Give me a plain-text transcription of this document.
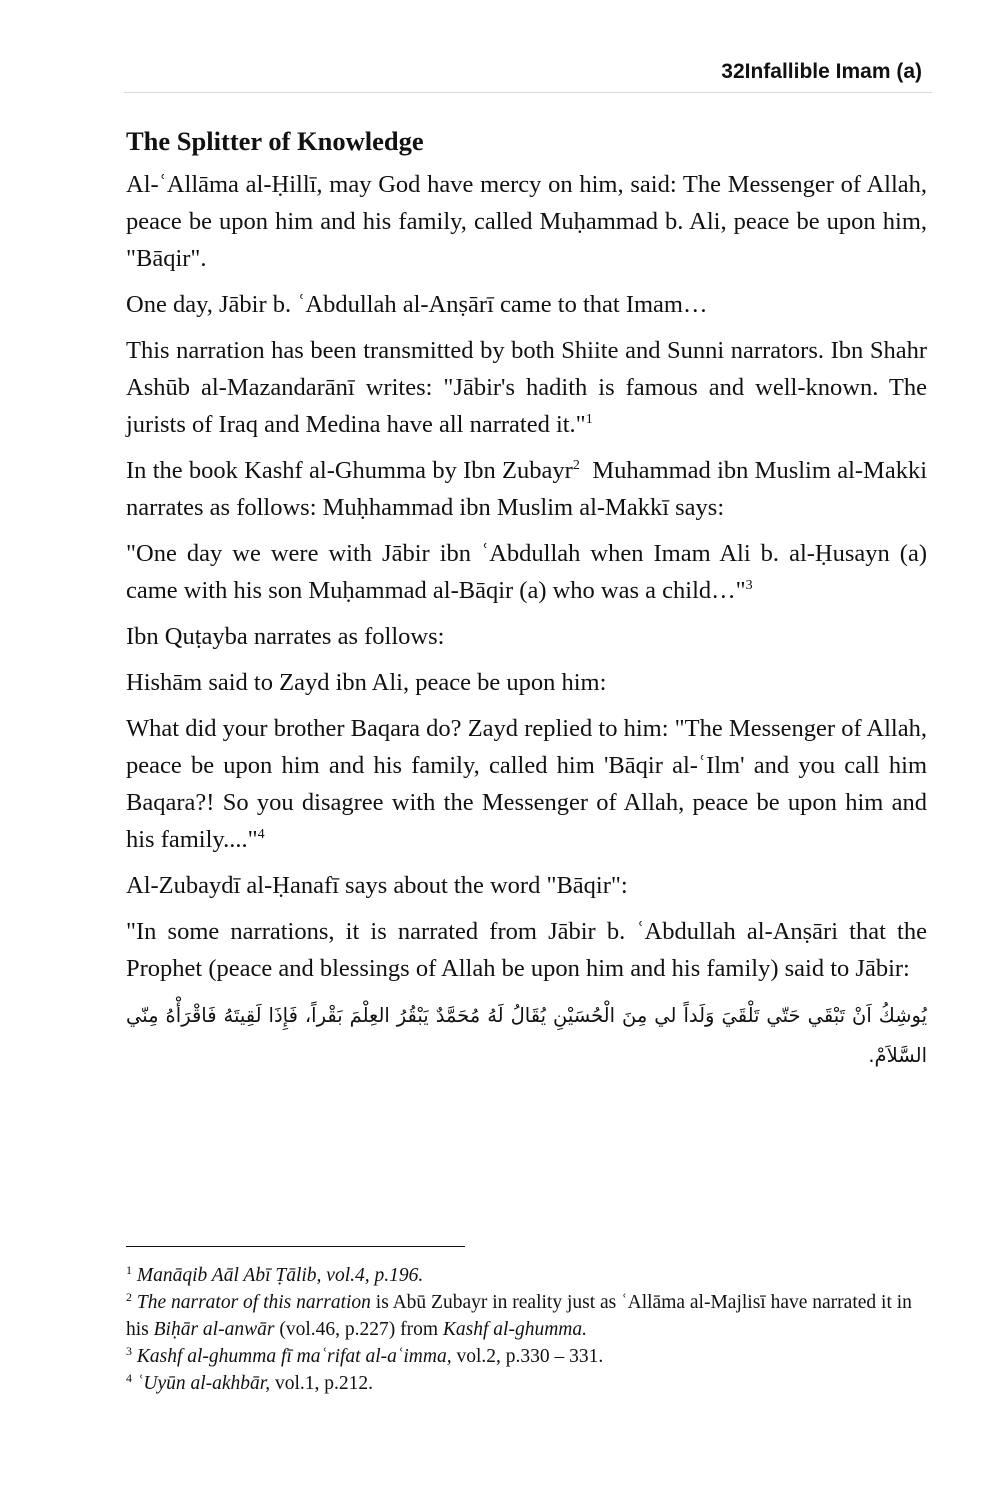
32Infallible Imam (a)
The Splitter of Knowledge

Al-ʿAllāma al-Ḥillī, may God have mercy on him, said: The Messenger of Allah, peace be upon him and his family, called Muḥammad b. Ali, peace be upon him, "Bāqir".

One day, Jābir b. ʿAbdullah al-Anṣārī came to that Imam…

This narration has been transmitted by both Shiite and Sunni narrators. Ibn Shahr Ashūb al-Mazandarānī writes: "Jābir's hadith is famous and well-known. The jurists of Iraq and Medina have all narrated it."$^1$

In the book Kashf al-Ghumma by Ibn Zubayr$^2$ Muhammad ibn Muslim al-Makki narrates as follows: Muḥhammad ibn Muslim al-Makkī says:

"One day we were with Jābir ibn ʿAbdullah when Imam Ali b. al-Ḥusayn (a) came with his son Muḥammad al-Bāqir (a) who was a child…"$^3$

Ibn Quṭayba narrates as follows:

Hishām said to Zayd ibn Ali, peace be upon him:

What did your brother Baqara do? Zayd replied to him: "The Messenger of Allah, peace be upon him and his family, called him 'Bāqir al-ʿIlm' and you call him Baqara?! So you disagree with the Messenger of Allah, peace be upon him and his family...."$^4$

Al-Zubaydī al-Ḥanafī says about the word "Bāqir":

"In some narrations, it is narrated from Jābir b. ʿAbdullah al-Anṣāri that the Prophet (peace and blessings of Allah be upon him and his family) said to Jābir:

يُوشِكُ اَنْ تَبْقَي حَتّي تَلْقَيَ وَلَداً لي مِنَ الْحُسَيْنِ يُقَالُ لَهُ مُحَمَّدٌ يَبْقُرُ العِلْمَ بَقْراً، فَإِذَا لَقِيتَهُ فَاقْرَأْهُ مِنّي السَّلاَمْ.

$^1$ Manāqib Aāl Abī Ṭālib, vol.4, p.196.

$^2$ The narrator of this narration is Abū Zubayr in reality just as ʿAllāma al-Majlisī have narrated it in his Biḥār al-anwār (vol.46, p.227) from Kashf al-ghumma.

$^3$ Kashf al-ghumma fī maʿrifat al-aʿimma, vol.2, p.330 – 331.

$^4$ ʿUyūn al-akhbār, vol.1, p.212.
